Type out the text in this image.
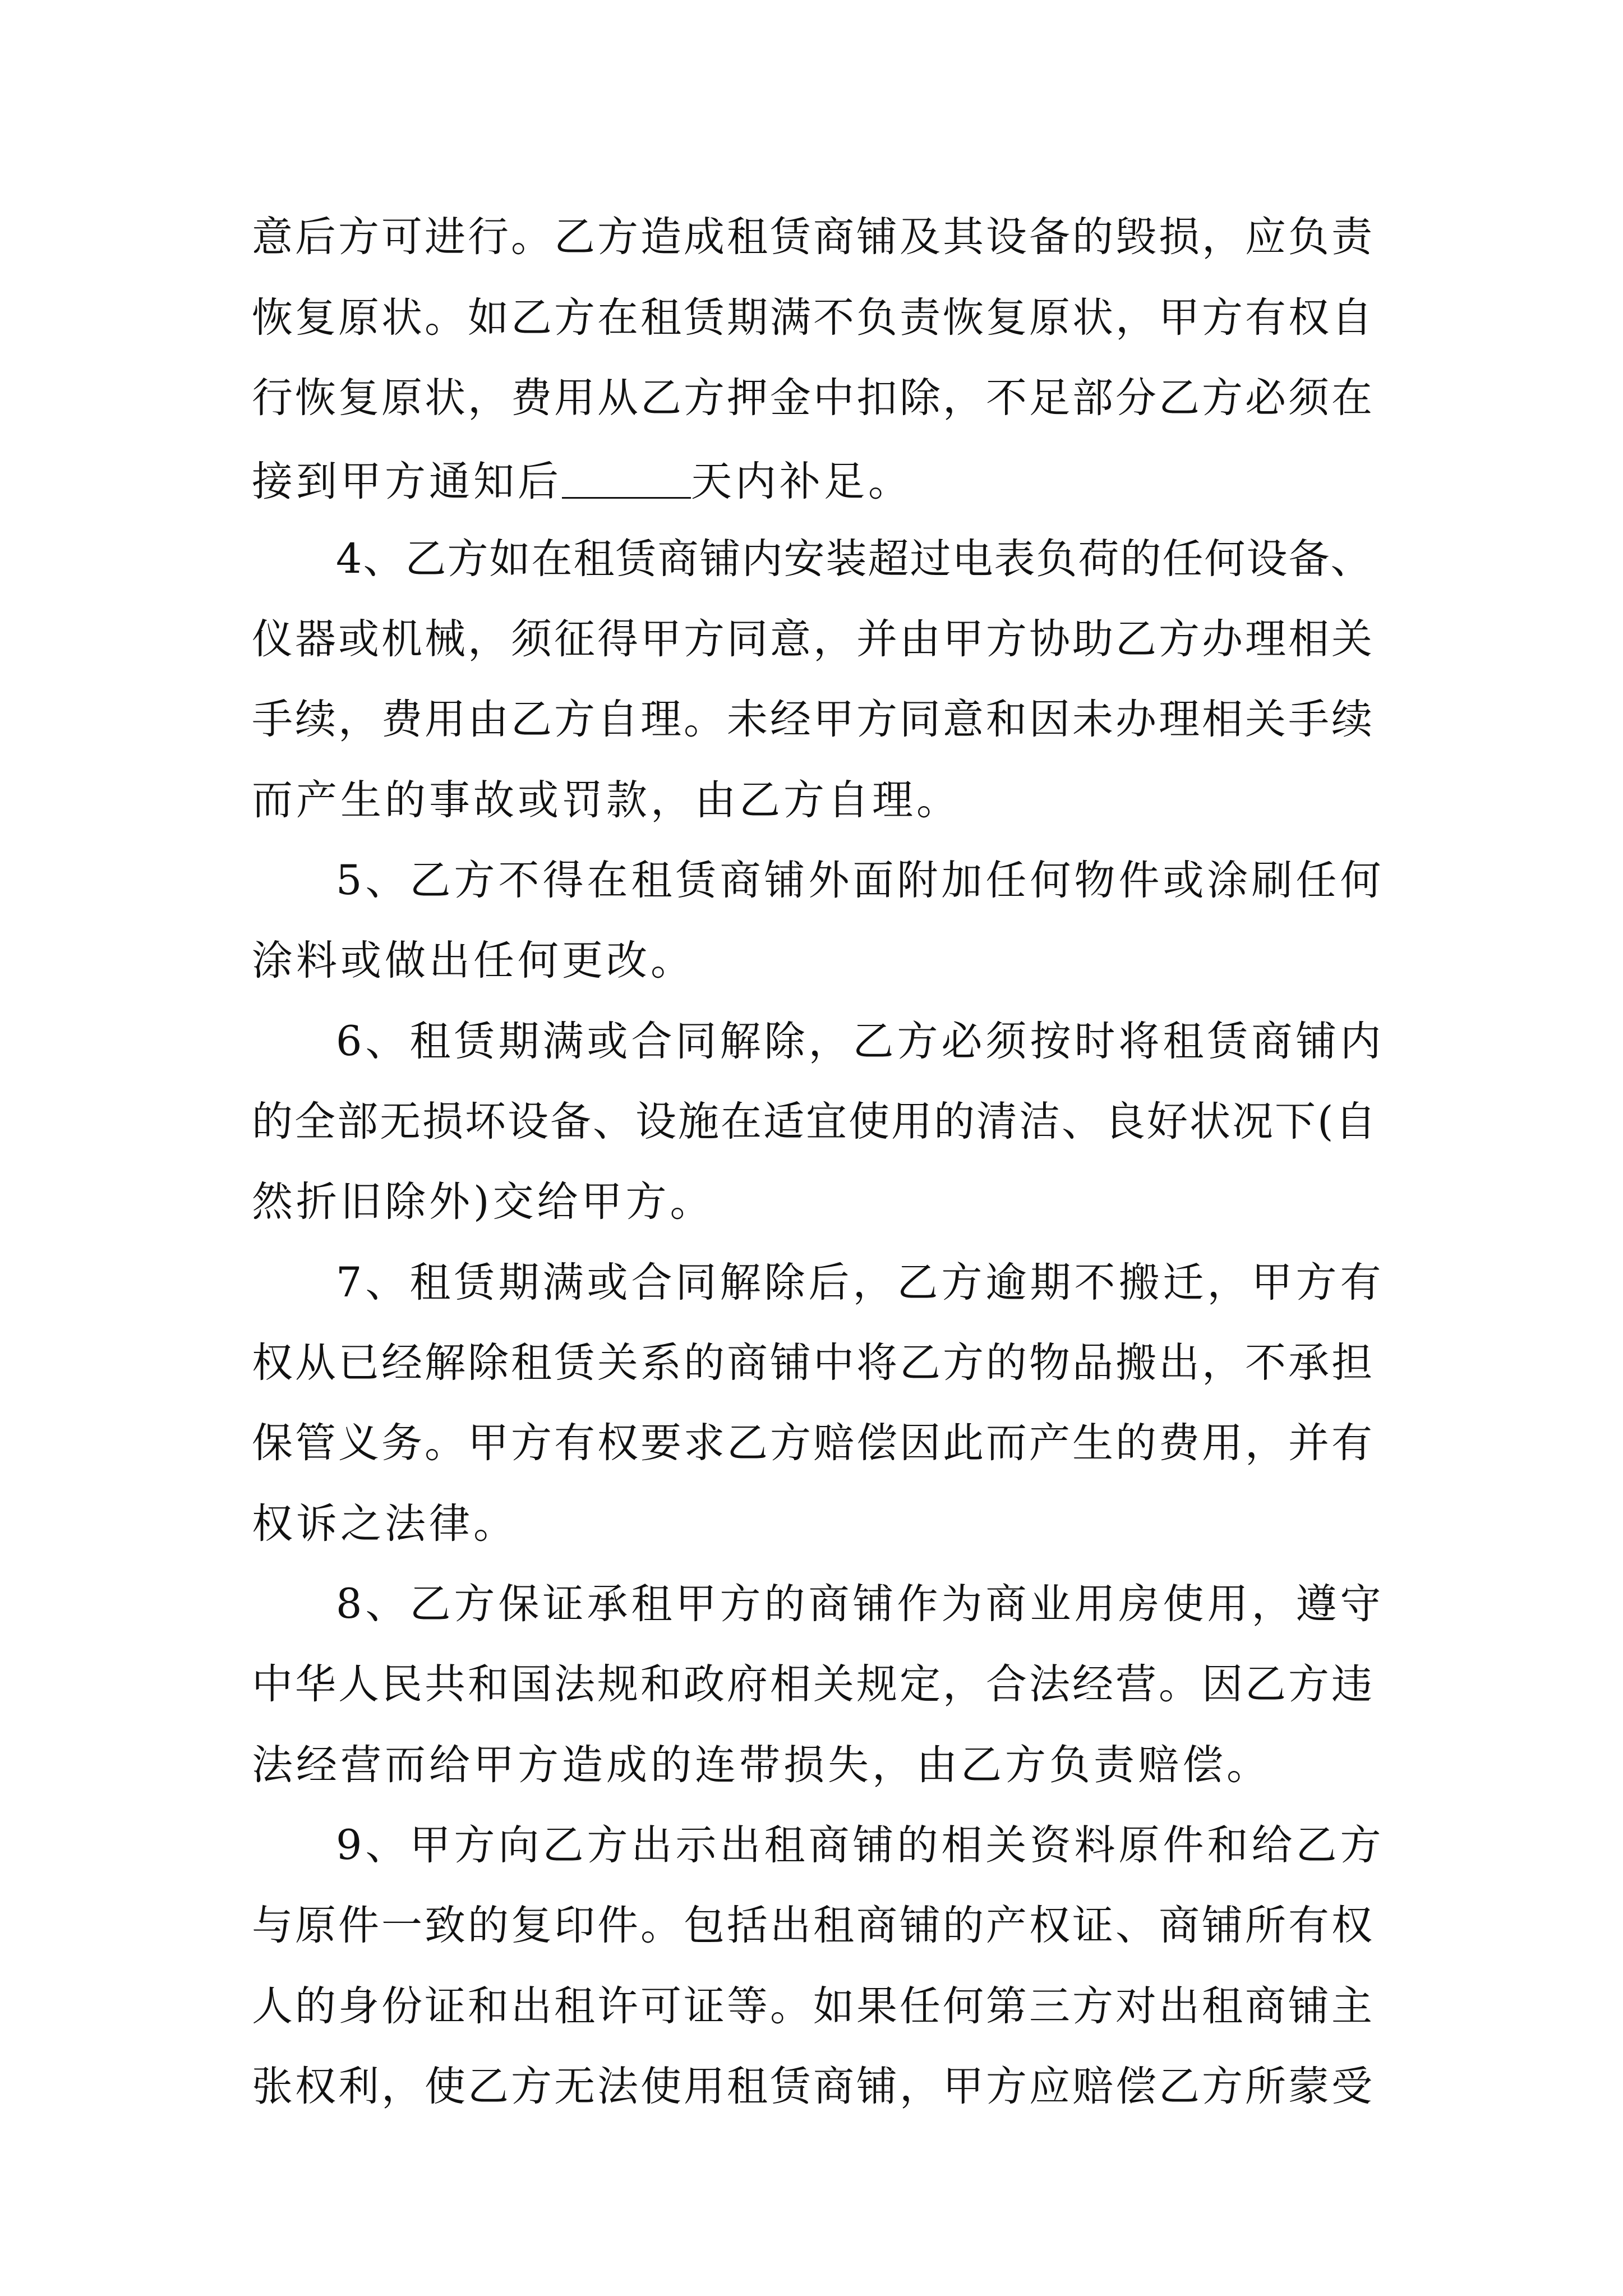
意后方可进行。乙方造成租赁商铺及其设备的毁损，应负责
恢复原状。如乙方在租赁期满不负责恢复原状，甲方有权自
行恢复原状，费用从乙方押金中扣除，不足部分乙方必须在
接到甲方通知后	天内补足。
4、乙方如在租赁商铺内安装超过电表负荷的任何设备、
仪器或机械，须征得甲方同意，并由甲方协助乙方办理相关
手续，费用由乙方自理。未经甲方同意和因未办理相关手续
而产生的事故或罚款，由乙方自理。
5、乙方不得在租赁商铺外面附加任何物件或涂刷任何
涂料或做出任何更改。
6、租赁期满或合同解除，乙方必须按时将租赁商铺内
的全部无损坏设备、设施在适宜使用的清洁、良好状况下(自
然折旧除外)交给甲方。
7、租赁期满或合同解除后，乙方逾期不搬迁，甲方有
权从已经解除租赁关系的商铺中将乙方的物品搬出，不承担
保管义务。甲方有权要求乙方赔偿因此而产生的费用，并有
权诉之法律。
8、乙方保证承租甲方的商铺作为商业用房使用，遵守
中华人民共和国法规和政府相关规定，合法经营。因乙方违
法经营而给甲方造成的连带损失，由乙方负责赔偿。
9、甲方向乙方出示出租商铺的相关资料原件和给乙方
与原件一致的复印件。包括出租商铺的产权证、商铺所有权
人的身份证和出租许可证等。如果任何第三方对出租商铺主
张权利，使乙方无法使用租赁商铺，甲方应赔偿乙方所蒙受
